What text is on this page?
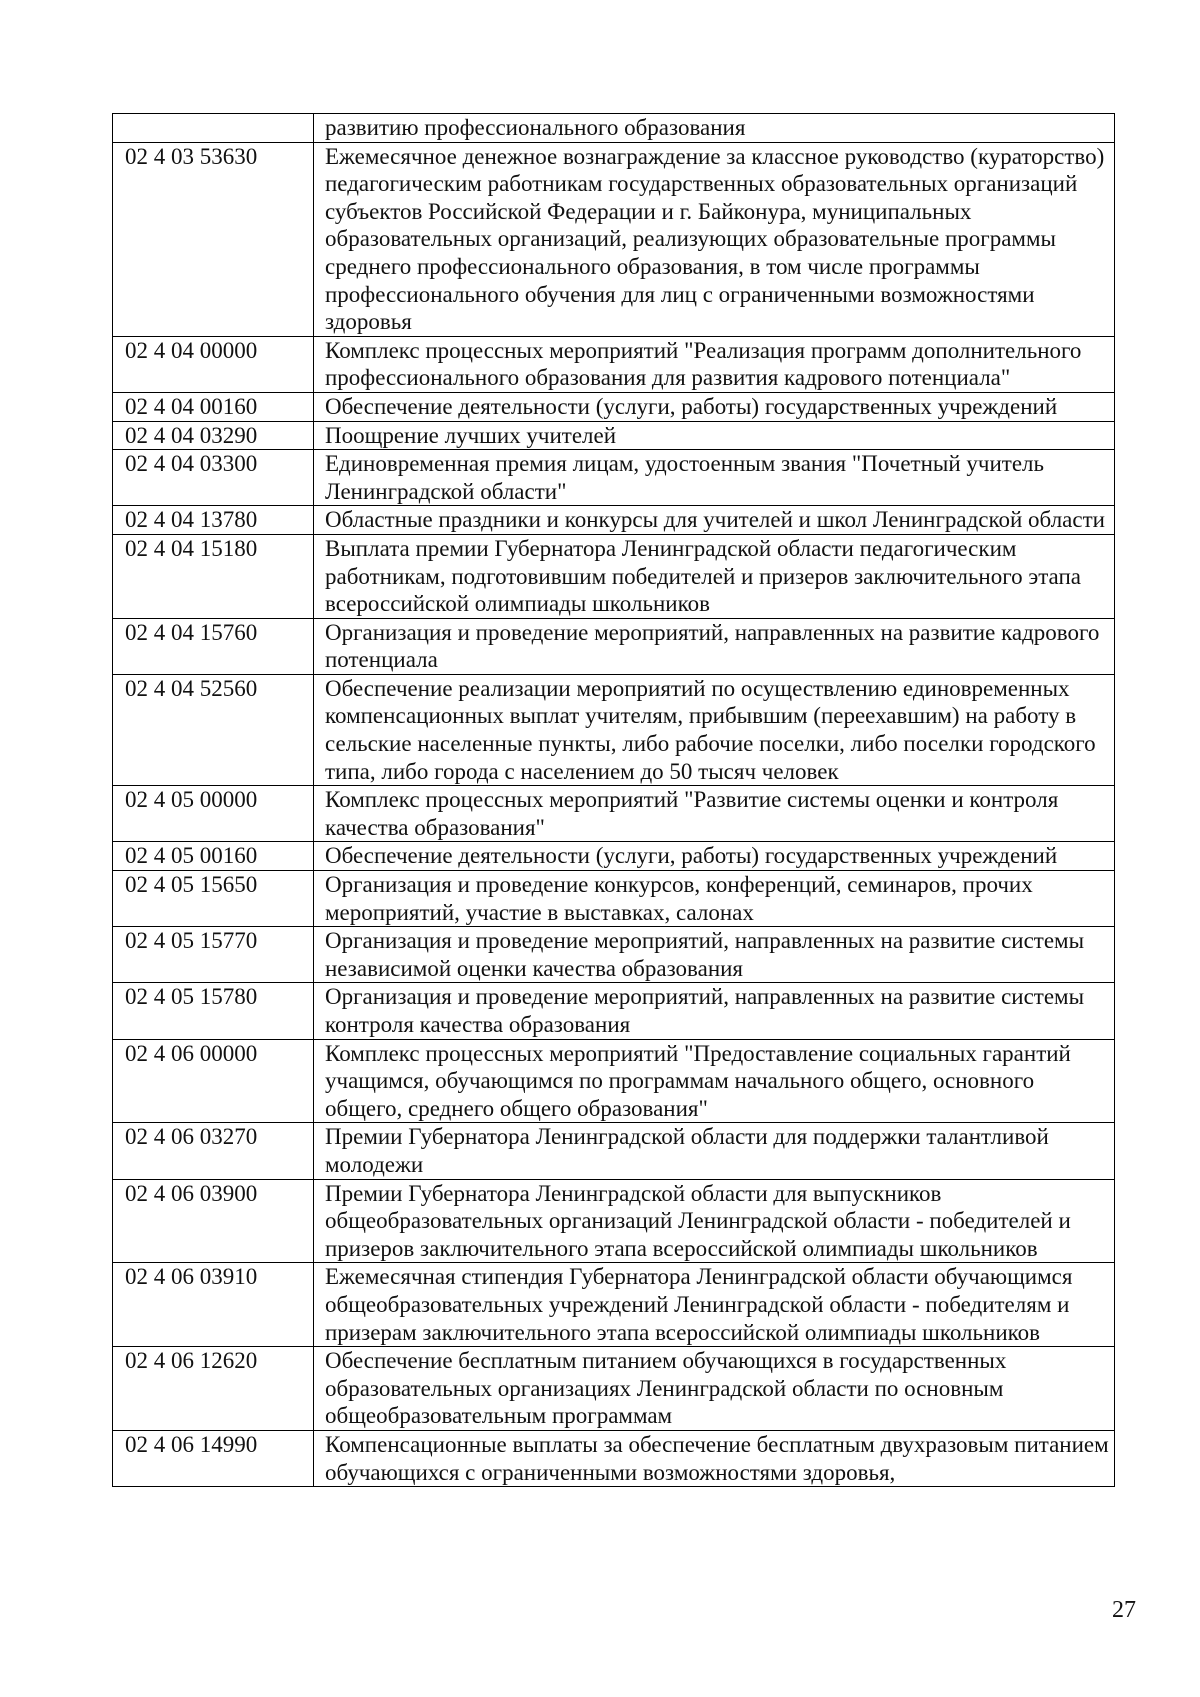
	развитию профессионального образования
02 4 03 53630	Ежемесячное денежное вознаграждение за классное руководство (кураторство) педагогическим работникам государственных образовательных организаций субъектов Российской Федерации и г. Байконура, муниципальных образовательных организаций, реализующих образовательные программы среднего профессионального образования, в том числе программы профессионального обучения для лиц с ограниченными возможностями здоровья
02 4 04 00000	Комплекс процессных мероприятий "Реализация программ дополнительного профессионального образования для развития кадрового потенциала"
02 4 04 00160	Обеспечение деятельности (услуги, работы) государственных учреждений
02 4 04 03290	Поощрение лучших учителей
02 4 04 03300	Единовременная премия лицам, удостоенным звания "Почетный учитель Ленинградской области"
02 4 04 13780	Областные праздники и конкурсы для учителей и школ Ленинградской области
02 4 04 15180	Выплата премии Губернатора Ленинградской области педагогическим работникам, подготовившим победителей и призеров заключительного этапа всероссийской олимпиады школьников
02 4 04 15760	Организация и проведение мероприятий, направленных на развитие кадрового потенциала
02 4 04 52560	Обеспечение реализации мероприятий по осуществлению единовременных компенсационных выплат учителям, прибывшим (переехавшим) на работу в сельские населенные пункты, либо рабочие поселки, либо поселки городского типа, либо города с населением до 50 тысяч человек
02 4 05 00000	Комплекс процессных мероприятий "Развитие системы оценки и контроля качества образования"
02 4 05 00160	Обеспечение деятельности (услуги, работы) государственных учреждений
02 4 05 15650	Организация и проведение конкурсов, конференций, семинаров, прочих мероприятий, участие в выставках, салонах
02 4 05 15770	Организация и проведение мероприятий, направленных на развитие системы независимой оценки качества образования
02 4 05 15780	Организация и проведение мероприятий, направленных на развитие системы контроля качества образования
02 4 06 00000	Комплекс процессных мероприятий "Предоставление социальных гарантий учащимся, обучающимся по программам начального общего, основного общего, среднего общего образования"
02 4 06 03270	Премии Губернатора Ленинградской области для поддержки талантливой молодежи
02 4 06 03900	Премии Губернатора Ленинградской области для выпускников общеобразовательных организаций Ленинградской области - победителей и призеров заключительного этапа всероссийской олимпиады школьников
02 4 06 03910	Ежемесячная стипендия Губернатора Ленинградской области обучающимся общеобразовательных учреждений Ленинградской области - победителям и призерам заключительного этапа всероссийской олимпиады школьников
02 4 06 12620	Обеспечение бесплатным питанием обучающихся в государственных образовательных организациях Ленинградской области по основным общеобразовательным программам
02 4 06 14990	Компенсационные выплаты за обеспечение бесплатным двухразовым питанием обучающихся с ограниченными возможностями здоровья,
27
